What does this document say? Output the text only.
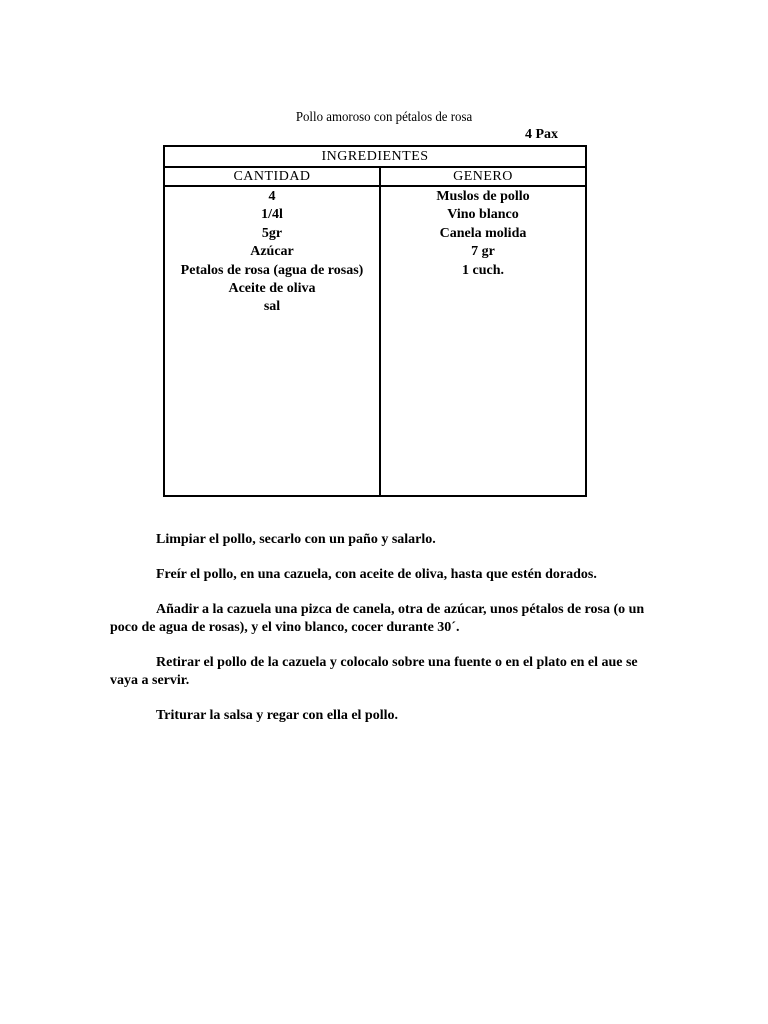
Pollo amoroso con pétalos de rosa
4 Pax
INGREDIENTES
CANTIDAD	GENERO
4
1/4l
5gr
Azúcar
Petalos de rosa (agua de rosas)
Aceite de oliva
sal
Muslos de pollo
Vino blanco
Canela molida
7 gr
1 cuch.

Limpiar el pollo, secarlo con un paño y salarlo.

Freír el pollo, en una cazuela, con aceite de oliva, hasta que estén dorados.

Añadir a la cazuela una pizca de canela, otra de azúcar, unos pétalos de rosa (o un poco de agua de rosas), y el vino blanco, cocer durante 30´.

Retirar el pollo de la cazuela y colocalo sobre una fuente o en el plato en el aue se vaya a servir.

Triturar la salsa y regar con ella el pollo.
